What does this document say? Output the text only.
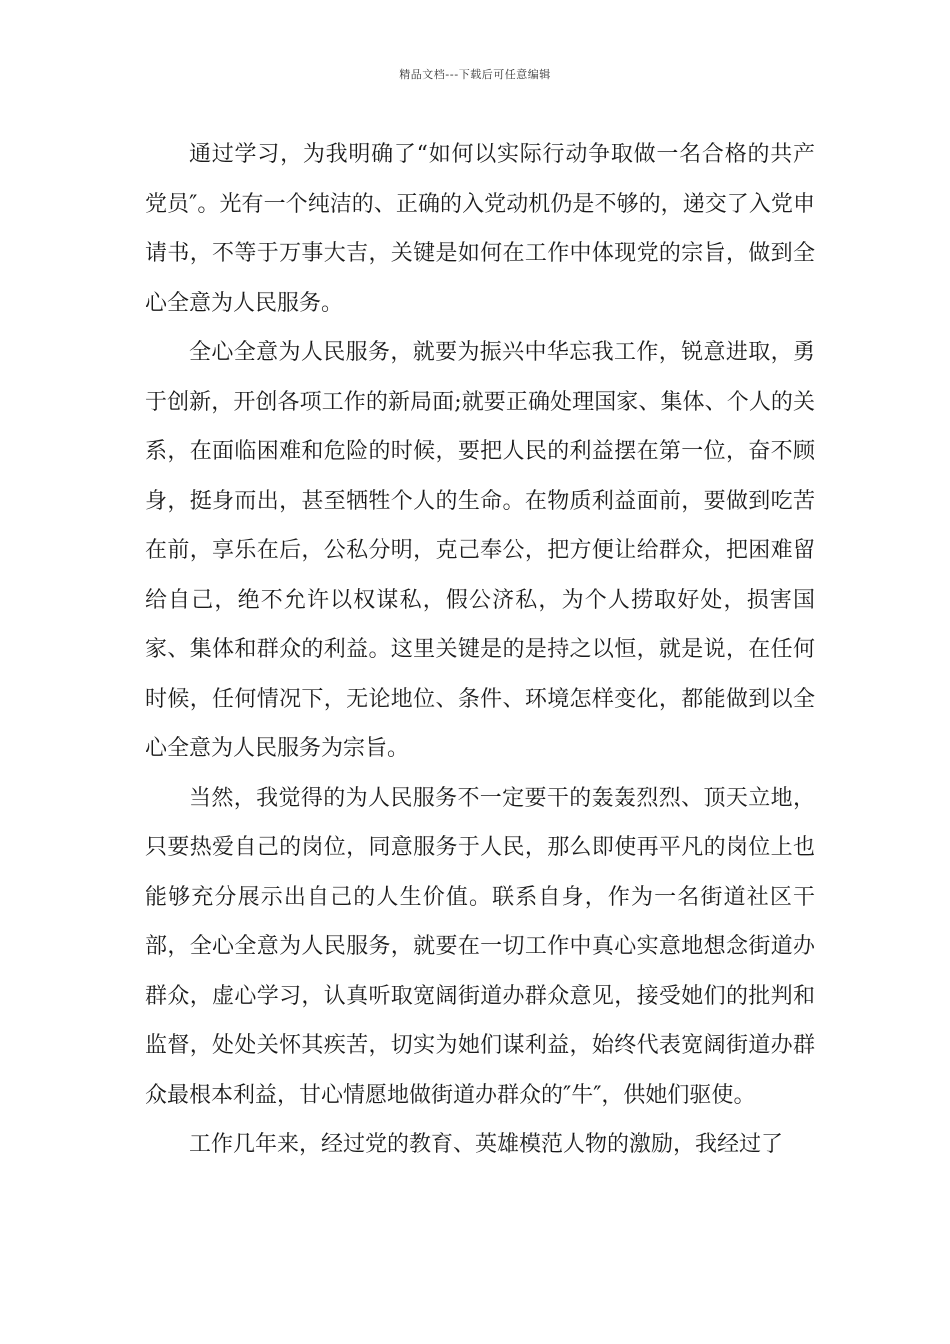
精品文档---下载后可任意编辑

通过学习，为我明确了“如何以实际行动争取做一名合格的共产党员″。光有一个纯洁的、正确的入党动机仍是不够的，递交了入党申请书，不等于万事大吉，关键是如何在工作中体现党的宗旨，做到全心全意为人民服务。

全心全意为人民服务，就要为振兴中华忘我工作，锐意进取，勇于创新，开创各项工作的新局面;就要正确处理国家、集体、个人的关系，在面临困难和危险的时候，要把人民的利益摆在第一位，奋不顾身，挺身而出，甚至牺牲个人的生命。在物质利益面前，要做到吃苦在前，享乐在后，公私分明，克己奉公，把方便让给群众，把困难留给自己，绝不允许以权谋私，假公济私，为个人捞取好处，损害国家、集体和群众的利益。这里关键是的是持之以恒，就是说，在任何时候，任何情况下，无论地位、条件、环境怎样变化，都能做到以全心全意为人民服务为宗旨。

当然，我觉得的为人民服务不一定要干的轰轰烈烈、顶天立地，只要热爱自己的岗位，同意服务于人民，那么即使再平凡的岗位上也能够充分展示出自己的人生价值。联系自身，作为一名街道社区干部，全心全意为人民服务，就要在一切工作中真心实意地想念街道办群众，虚心学习，认真听取宽阔街道办群众意见，接受她们的批判和监督，处处关怀其疾苦，切实为她们谋利益，始终代表宽阔街道办群众最根本利益，甘心情愿地做街道办群众的″牛″，供她们驱使。

工作几年来，经过党的教育、英雄模范人物的激励，我经过了
